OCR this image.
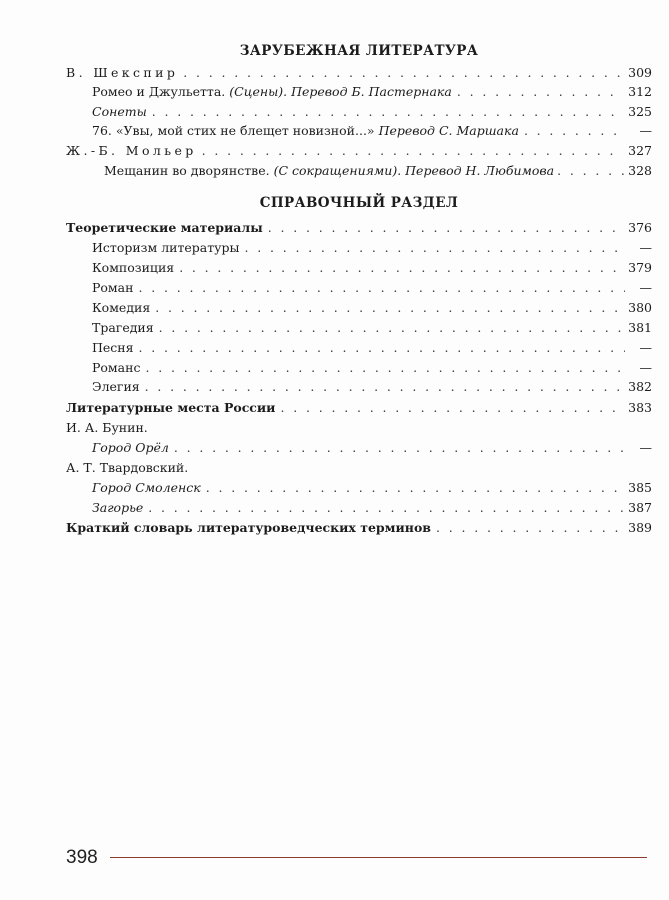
ЗАРУБЕЖНАЯ ЛИТЕРАТУРА
В. Шекспир . . .	309
Ромео и Джульетта. (Сцены). Перевод Б. Пастернака . . .	312
Сонеты . . .	325
76. «Увы, мой стих не блещет новизной...» Перевод С. Маршака . . .	—
Ж.-Б. Мольер . . .	327
Мещанин во дворянстве. (С сокращениями). Перевод Н. Любимова . . .	328
СПРАВОЧНЫЙ РАЗДЕЛ
Теоретические материалы . . .	376
Историзм литературы . . .	—
Композиция . . .	379
Роман . . .	—
Комедия . . .	380
Трагедия . . .	381
Песня . . .	—
Романс . . .	—
Элегия . . .	382
Литературные места России . . .	383
И. А. Бунин.
Город Орёл . . .	—
А. Т. Твардовский.
Город Смоленск . . .	385
Загорье . . .	387
Краткий словарь литературоведческих терминов . . .	389
398
